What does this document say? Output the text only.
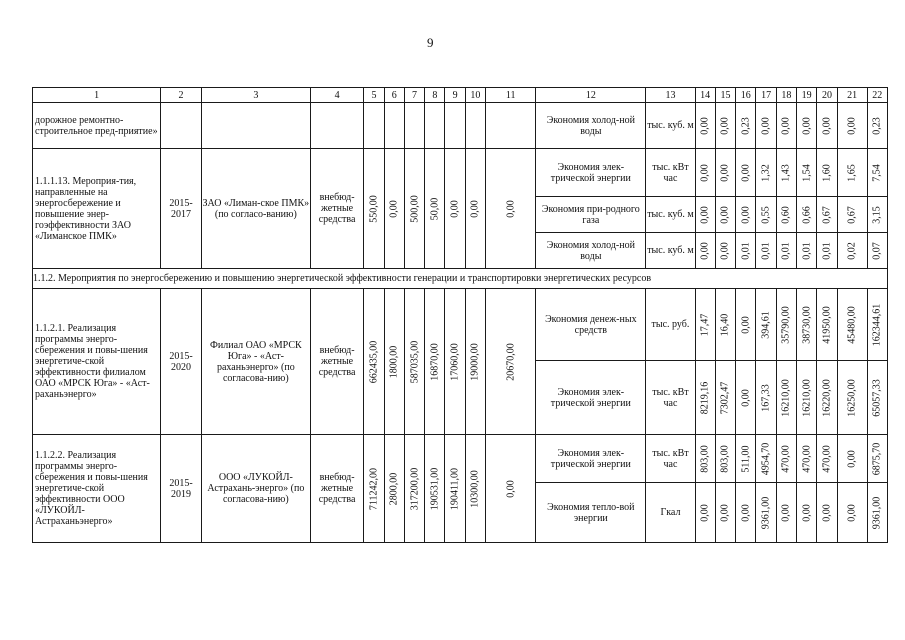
9
1	2	3	4	5	6	7	8	9	10	11	12	13	14	15	16	17	18	19	20	21	22
дорожное ремонтно-строительное пред-приятие»											Экономия холод-ной воды	тыс. куб. м	0,00	0,00	0,23	0,00	0,00	0,00	0,00	0,00	0,23

1.1.1.13. Мероприя-тия, направленные на энергосбережение и повышение энер-гоэффективности ЗАО «Лиманское ПМК»	2015-2017	ЗАО «Лиман-ское ПМК» (по согласо-ванию)	внебюд-жетные средства	550,00	0,00	500,00	50,00	0,00	0,00	0,00	Экономия элек-трической энергии	тыс. кВт час	0,00	0,00	0,00	1,32	1,43	1,54	1,60	1,65	7,54

											Экономия при-родного газа	тыс. куб. м	0,00	0,00	0,00	0,55	0,60	0,66	0,67	0,67	3,15

											Экономия холод-ной воды	тыс. куб. м	0,00	0,00	0,01	0,01	0,01	0,01	0,01	0,02	0,07

1.1.2. Мероприятия по энергосбережению и повышению энергетической эффективности генерации и транспортировки энергетических ресурсов																					
1.1.2.1. Реализация программы энерго-сбережения и повы-шения энергетиче-ской эффективности филиалом ОАО «МРСК Юга» - «Аст-раханьэнерго»	2015-2020	Филиал ОАО «МРСК Юга» - «Аст-раханьэнерго» (по согласова-нию)	внебюд-жетные средства	662435,00	1800,00	587035,00	16870,00	17060,00	19000,00	20670,00	Экономия денеж-ных средств	тыс. руб.	17,47	16,40	0,00	394,61	35790,00	38730,00	41950,00	45480,00	162344,61

											Экономия элек-трической энергии	тыс. кВт час	8219,16	7302,47	0,00	167,33	16210,00	16210,00	16220,00	16250,00	65057,33

1.1.2.2. Реализация программы энерго-сбережения и повы-шения энергетиче-ской эффективности ООО «ЛУКОЙЛ-Астраханьэнерго»	2015-2019	ООО «ЛУКОЙЛ-Астрахань-энерго» (по согласова-нию)	внебюд-жетные средства	711242,00	2800,00	317200,00	190531,00	190411,00	10300,00	0,00	Экономия элек-трической энергии	тыс. кВт час	803,00	803,00	511,00	4954,70	470,00	470,00	470,00	0,00	6875,70

											Экономия тепло-вой энергии	Гкал	0,00	0,00	0,00	9361,00	0,00	0,00	0,00	0,00	9361,00
